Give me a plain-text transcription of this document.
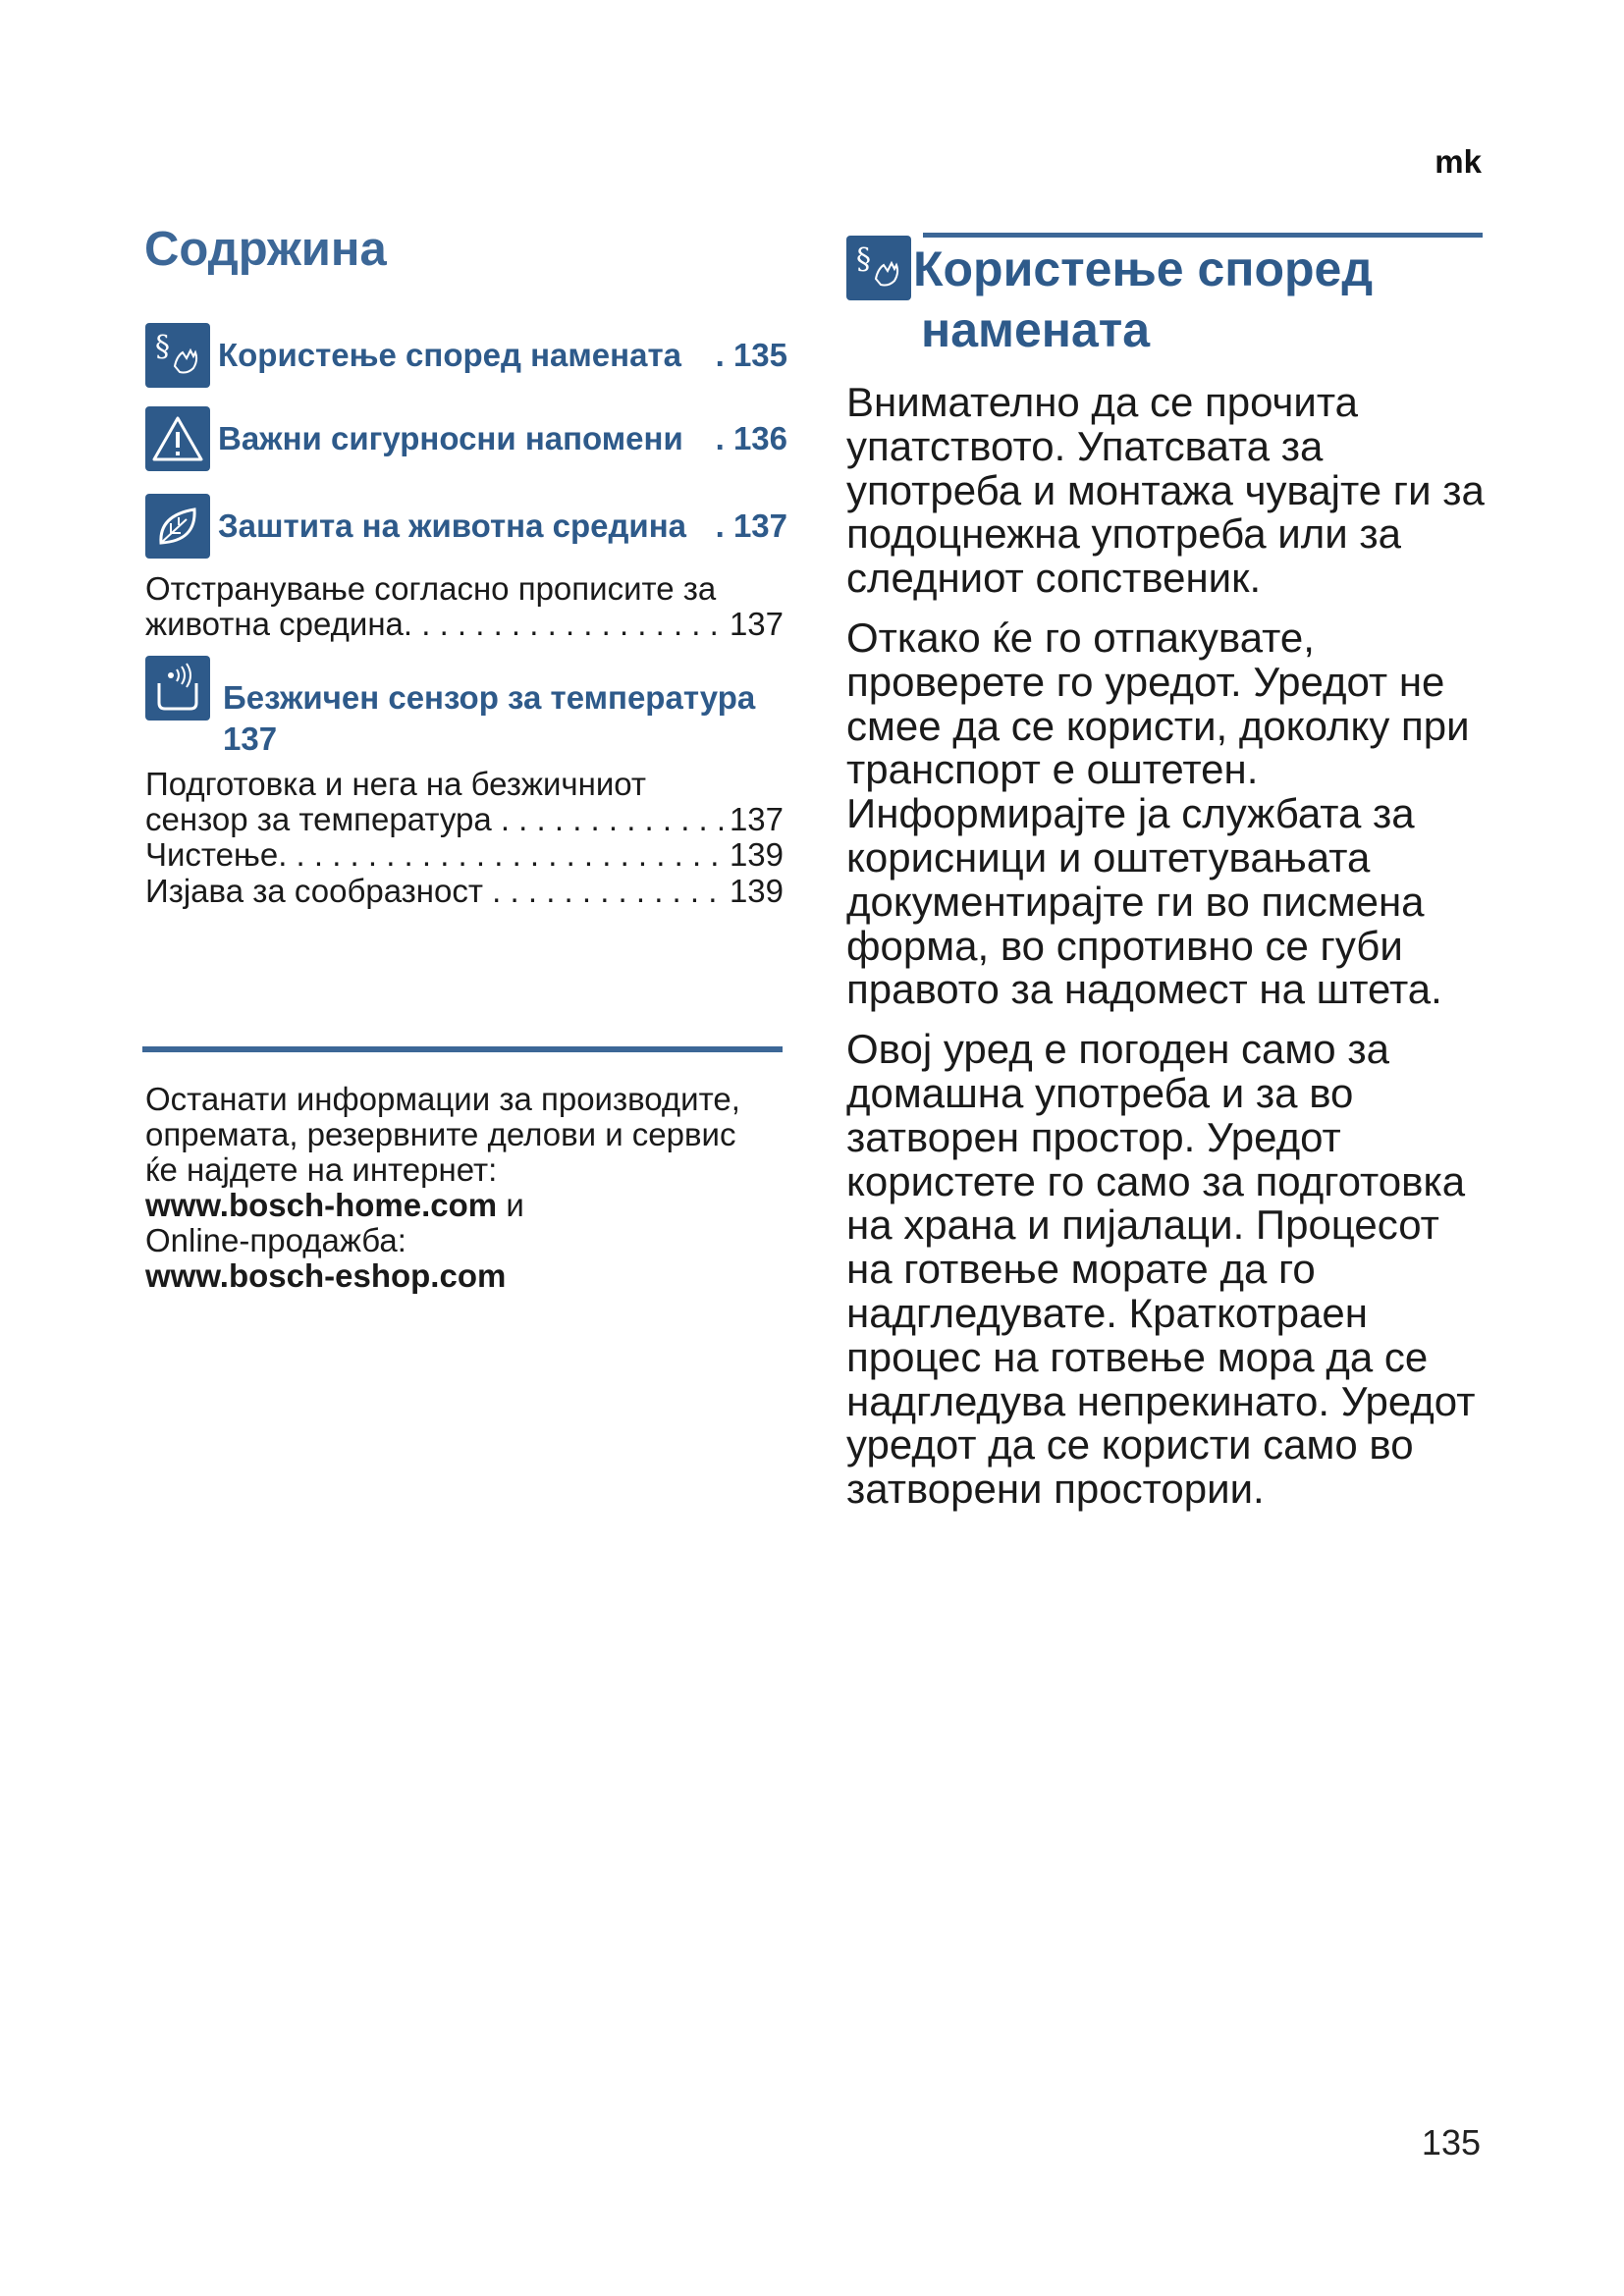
mk
Содржина
§ Користење според намената . 135
Важни сигурносни напомени . 136
Заштита на животна средина . 137
Отстранување согласно прописите за
животна средина. . . .	137
Безжичен сензор за температура
137
Подготовка и нега на безжичниот
сензор за температура . . .	137
Чистење. . . .	139
Изјава за сообразност . . .	139
Останати информации за производите,
опремата, резервните делови и сервис
ќе најдете на интернет:
www.bosch-home.com и
Online-продажба:
www.bosch-eshop.com
§ Користење според
намената

Внимателно да се прочита упатството. Упатсвата за употреба и монтажа чувајте ги за подоцнежна употреба или за следниот сопственик.

Откако ќе го отпакувате, проверете го уредот. Уредот не смее да се користи, доколку при транспорт е оштетен. Информирајте ја службата за корисници и оштетувањата документирајте ги во писмена форма, во спротивно се губи правото за надомест на штета.

Овој уред е погоден само за домашна употреба и за во затворен простор. Уредот користете го само за подготовка на храна и пијалаци. Процесот на готвење морате да го надгледувате. Краткотраен процес на готвење мора да се надгледува непрекинато. Уредот уредот да се користи само во затворени простории.

135
